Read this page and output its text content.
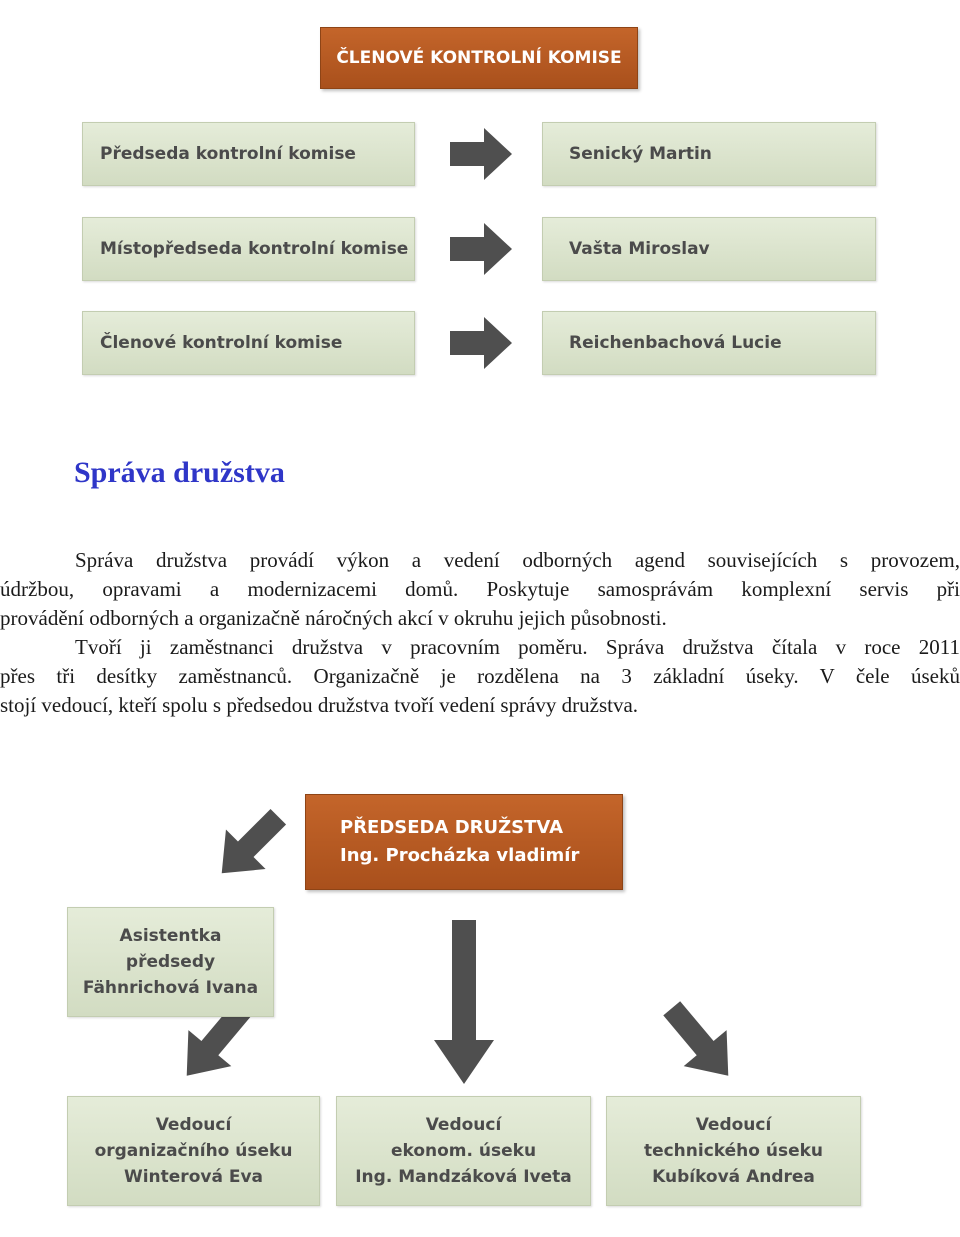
ČLENOVÉ KONTROLNÍ KOMISE
Předseda kontrolní komise	Senický Martin
Místopředseda kontrolní komise	Vašta Miroslav
Členové kontrolní komise	Reichenbachová Lucie
Správa družstva
Správa družstva provádí výkon a vedení odborných agend souvisejících s provozem,
údržbou, opravami a modernizacemi domů. Poskytuje samosprávám komplexní servis při
provádění odborných a organizačně náročných akcí v okruhu jejich působnosti.
Tvoří ji zaměstnanci družstva v pracovním poměru. Správa družstva čítala v roce 2011
přes tři desítky zaměstnanců. Organizačně je rozdělena na 3 základní úseky. V čele úseků
stojí vedoucí, kteří spolu s předsedou družstva tvoří vedení správy družstva.
PŘEDSEDA DRUŽSTVA
Ing. Procházka vladimír
Asistentka
předsedy
Fähnrichová Ivana
Vedoucí
organizačního úseku
Winterová Eva
Vedoucí
ekonom. úseku
Ing. Mandzáková Iveta
Vedoucí
technického úseku
Kubíková Andrea
